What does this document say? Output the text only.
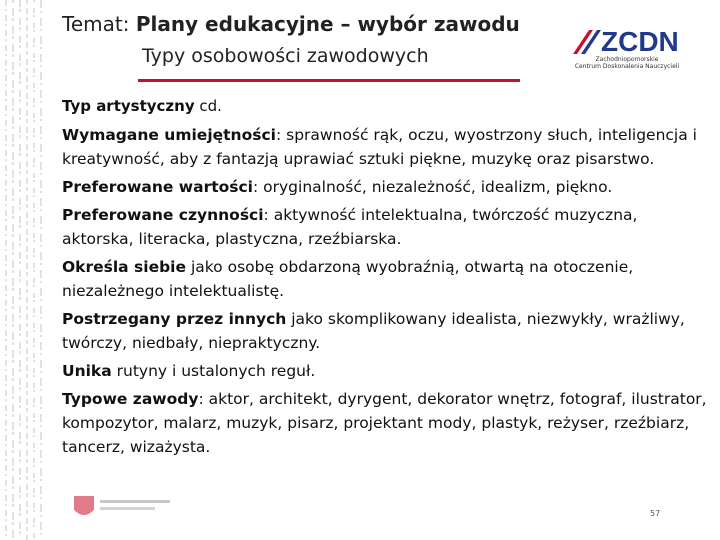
Temat: Plany edukacyjne – wybór zawodu
Typy osobowości zawodowych	ZCDN
Zachodniopomorskie
Centrum Doskonalenia Nauczycieli
Typ artystyczny cd.

Wymagane umiejętności: sprawność rąk, oczu, wyostrzony słuch, inteligencja i kreatywność, aby z fantazją uprawiać sztuki piękne, muzykę oraz pisarstwo.

Preferowane wartości: oryginalność, niezależność, idealizm, piękno.

Preferowane czynności: aktywność intelektualna, twórczość muzyczna, aktorska, literacka, plastyczna, rzeźbiarska.

Określa siebie jako osobę obdarzoną wyobraźnią, otwartą na otoczenie, niezależnego intelektualistę.

Postrzegany przez innych jako skomplikowany idealista, niezwykły, wrażliwy, twórczy, niedbały, niepraktyczny.

Unika rutyny i ustalonych reguł.

Typowe zawody: aktor, architekt, dyrygent, dekorator wnętrz, fotograf, ilustrator, kompozytor, malarz, muzyk, pisarz, projektant mody, plastyk, reżyser, rzeźbiarz, tancerz, wizażysta.

57
